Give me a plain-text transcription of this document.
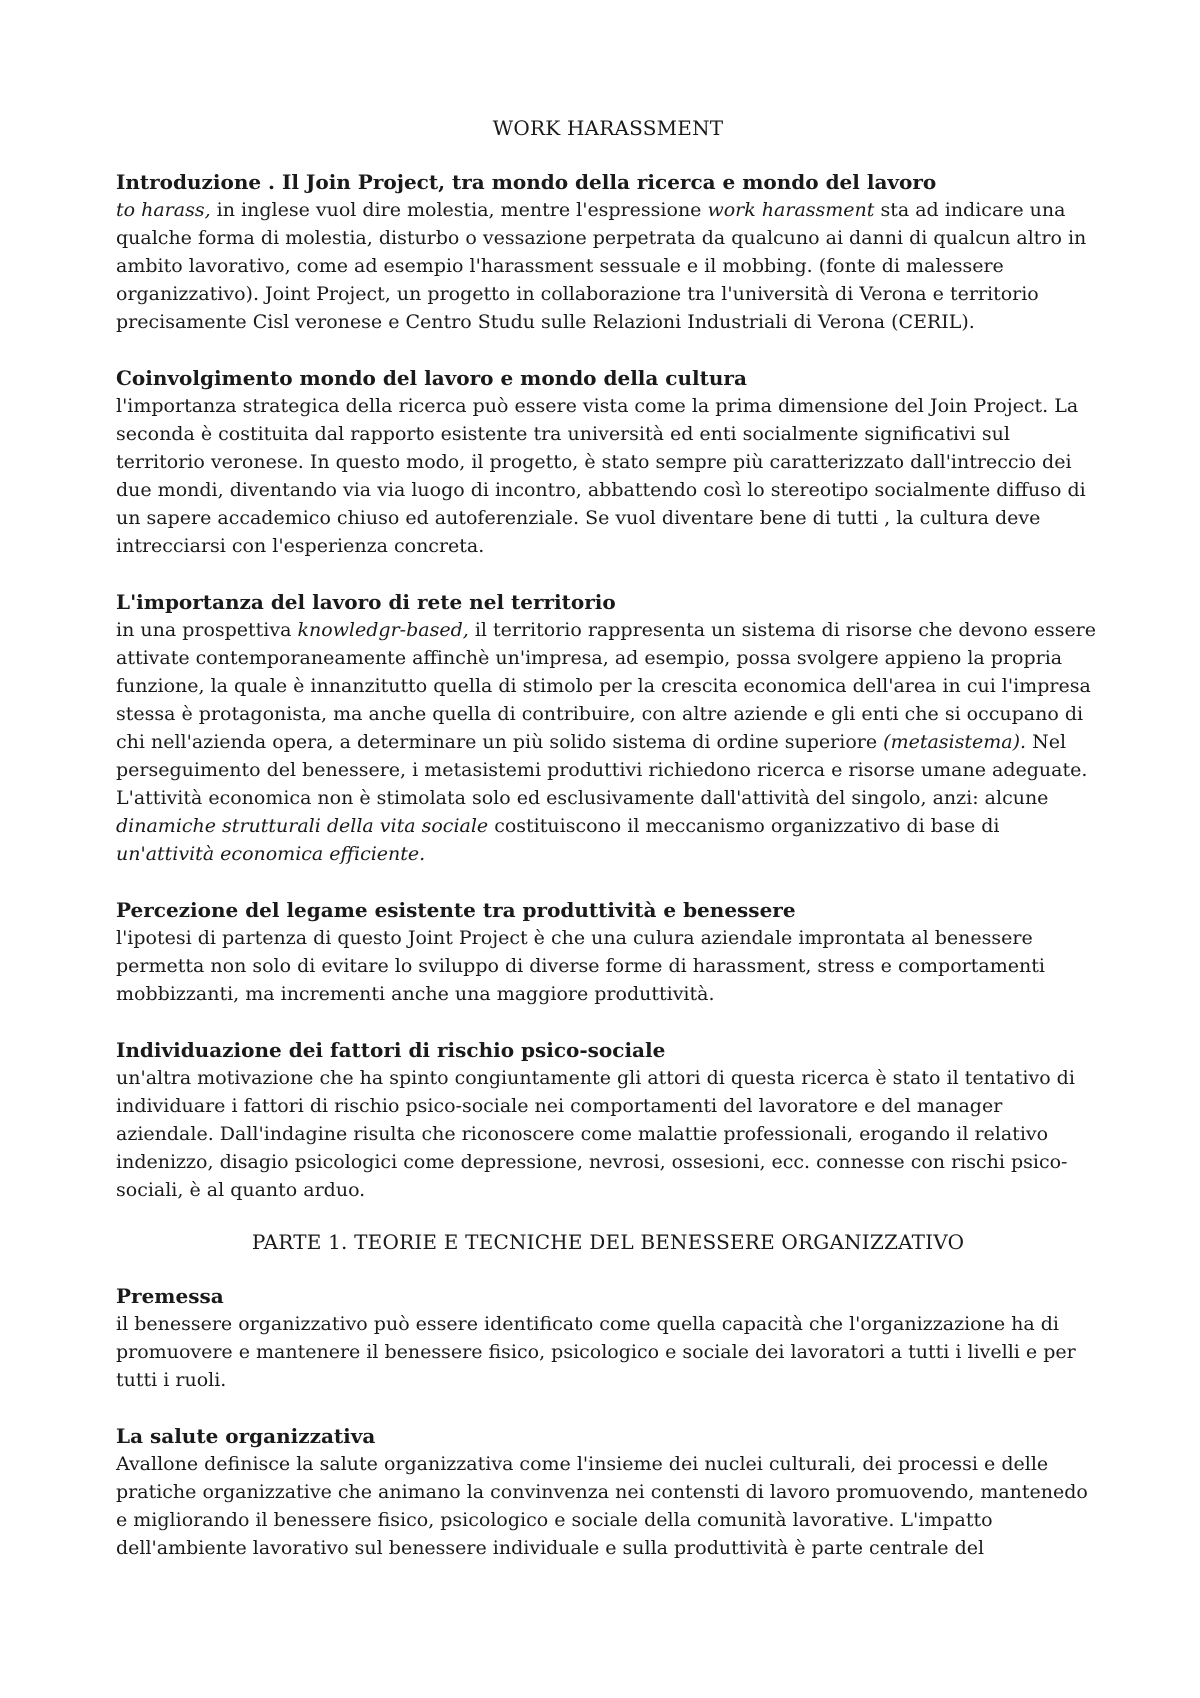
WORK HARASSMENT

Introduzione . Il Join Project, tra mondo della ricerca e mondo del lavoro

to harass, in inglese vuol dire molestia, mentre l'espressione work harassment sta ad indicare una qualche forma di molestia, disturbo o vessazione perpetrata da qualcuno ai danni di qualcun altro in ambito lavorativo, come ad esempio l'harassment sessuale e il mobbing. (fonte di malessere organizzativo). Joint Project, un progetto in collaborazione tra l'università di Verona e territorio precisamente Cisl veronese e Centro Studu sulle Relazioni Industriali di Verona (CERIL).

Coinvolgimento mondo del lavoro e mondo della cultura

l'importanza strategica della ricerca può essere vista come la prima dimensione del Join Project. La seconda è costituita dal rapporto esistente tra università ed enti socialmente significativi sul territorio veronese. In questo modo, il progetto, è stato sempre più caratterizzato dall'intreccio dei due mondi, diventando via via luogo di incontro, abbattendo così lo stereotipo socialmente diffuso di un sapere accademico chiuso ed autoferenziale. Se vuol diventare bene di tutti , la cultura deve intrecciarsi con l'esperienza concreta.

L'importanza del lavoro di rete nel territorio

in una prospettiva knowledgr-based, il territorio rappresenta un sistema di risorse che devono essere attivate contemporaneamente affinchè un'impresa, ad esempio, possa svolgere appieno la propria funzione, la quale è innanzitutto quella di stimolo per la crescita economica dell'area in cui l'impresa stessa è protagonista, ma anche quella di contribuire, con altre aziende e gli enti che si occupano di chi nell'azienda opera, a determinare un più solido sistema di ordine superiore (metasistema). Nel perseguimento del benessere, i metasistemi produttivi richiedono ricerca e risorse umane adeguate. L'attività economica non è stimolata solo ed esclusivamente dall'attività del singolo, anzi: alcune dinamiche strutturali della vita sociale costituiscono il meccanismo organizzativo di base di un'attività economica efficiente.

Percezione del legame esistente tra produttività e benessere

l'ipotesi di partenza di questo Joint Project è che una culura aziendale improntata al benessere permetta non solo di evitare lo sviluppo di diverse forme di harassment, stress e comportamenti mobbizzanti, ma incrementi anche una maggiore produttività.

Individuazione dei fattori di rischio psico-sociale

un'altra motivazione che ha spinto congiuntamente gli attori di questa ricerca è stato il tentativo di individuare i fattori di rischio psico-sociale nei comportamenti del lavoratore e del manager aziendale. Dall'indagine risulta che riconoscere come malattie professionali, erogando il relativo indenizzo, disagio psicologici come depressione, nevrosi, ossesioni, ecc. connesse con rischi psico-sociali, è al quanto arduo.

PARTE 1. TEORIE E TECNICHE DEL BENESSERE ORGANIZZATIVO

Premessa

il benessere organizzativo può essere identificato come quella capacità che l'organizzazione ha di promuovere e mantenere il benessere fisico, psicologico e sociale dei lavoratori a tutti i livelli e per tutti i ruoli.

La salute organizzativa

Avallone definisce la salute organizzativa come l'insieme dei nuclei culturali, dei processi e delle pratiche organizzative che animano la convinvenza nei contensti di lavoro promuovendo, mantenedo e migliorando il benessere fisico, psicologico e sociale della comunità lavorative. L'impatto dell'ambiente lavorativo sul benessere individuale e sulla produttività è parte centrale del
